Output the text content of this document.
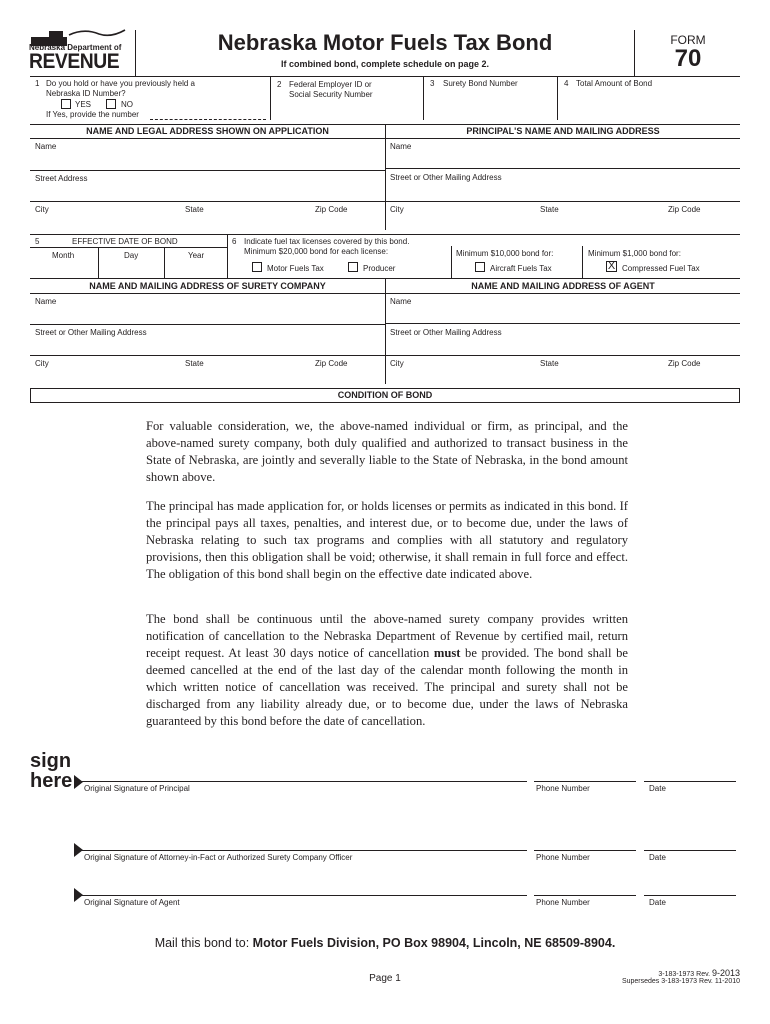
Nebraska Department of
REVENUE
Nebraska Motor Fuels Tax Bond
If combined bond, complete schedule on page 2.
FORM
70
1 Do you hold or have you previously held a
Nebraska ID Number?
YES	NO
If Yes, provide the number
2 Federal Employer ID or
Social Security Number
3 Surety Bond Number	4 Total Amount of Bond
NAME AND LEGAL ADDRESS SHOWN ON APPLICATION	PRINCIPAL'S NAME AND MAILING ADDRESS
Name
Street Address
City	State	Zip Code
Name
Street or Other Mailing Address
City	State	Zip Code
5	EFFECTIVE DATE OF BOND
Month	Day	Year
6 Indicate fuel tax licenses covered by this bond.
Minimum $20,000 bond for each license:
Motor Fuels Tax	Producer
Minimum $10,000 bond for:
Aircraft Fuels Tax
Minimum $1,000 bond for:
X Compressed Fuel Tax
NAME AND MAILING ADDRESS OF SURETY COMPANY	NAME AND MAILING ADDRESS OF AGENT
Name
Street or Other Mailing Address
City	State	Zip Code
Name
Street or Other Mailing Address
City	State	Zip Code
CONDITION OF BOND

For valuable consideration, we, the above-named individual or firm, as principal, and the above-named surety company, both duly qualified and authorized to transact business in the State of Nebraska, are jointly and severally liable to the State of Nebraska, in the bond amount shown above.

The principal has made application for, or holds licenses or permits as indicated in this bond. If the principal pays all taxes, penalties, and interest due, or to become due, under the laws of Nebraska relating to such tax programs and complies with all statutory and regulatory provisions, then this obligation shall be void; otherwise, it shall remain in full force and effect. The obligation of this bond shall begin on the effective date indicated above.

The bond shall be continuous until the above-named surety company provides written notification of cancellation to the Nebraska Department of Revenue by certified mail, return receipt request. At least 30 days notice of cancellation must be provided. The bond shall be deemed cancelled at the end of the last day of the calendar month following the month in which written notice of cancellation was received. The principal and surety shall not be discharged from any liability already due, or to become due, under the laws of Nebraska guaranteed by this bond before the date of cancellation.

sign
here Original Signature of Principal	Phone Number	Date
Original Signature of Attorney-in-Fact or Authorized Surety Company Officer	Phone Number	Date
Original Signature of Agent	Phone Number	Date
Mail this bond to: Motor Fuels Division, PO Box 98904, Lincoln, NE 68509-8904.
Page 1	3-183-1973 Rev. 9-2013
Supersedes 3-183-1973 Rev. 11-2010
